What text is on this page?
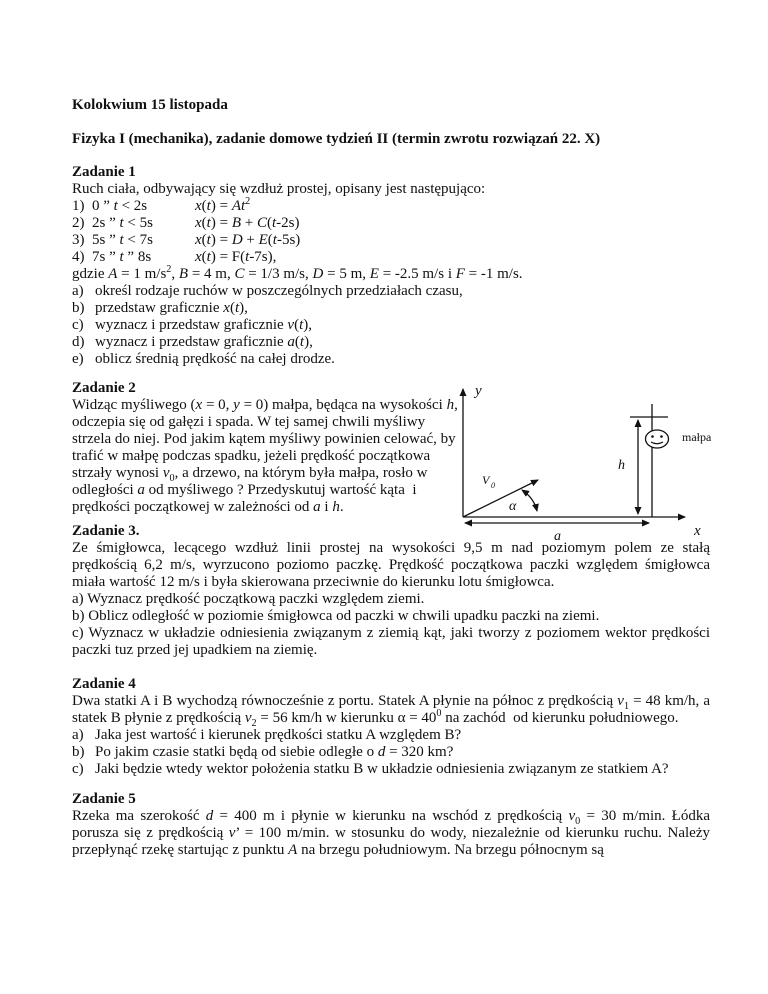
Kolokwium 15 listopada

Fizyka I (mechanika), zadanie domowe tydzień II (termin zwrotu rozwiązań 22. X)

Zadanie 1

Ruch ciała, odbywający się wzdłuż prostej, opisany jest następująco:

1)  0 ” t < 2s	$x(t) = At^2$
2)  2s ” t < 5s	x(t) = B + C(t-2s)
3)  5s ” t < 7s	x(t) = D + E(t-5s)
4)  7s ” t ” 8s	x(t) = F(t-7s),

gdzie A = 1 $m/s^2$, B = 4 m, C = 1/3 m/s, D = 5 m, E = -2.5 m/s i F = -1 m/s.

a) określ rodzaje ruchów w poszczególnych przedziałach czasu,
b) przedstaw graficznie x(t),
c) wyznacz i przedstaw graficznie v(t),
d) wyznacz i przedstaw graficznie a(t),
e) oblicz średnią prędkość na całej drodze.

Zadanie 2

Widząc myśliwego (x = 0, y = 0) małpa, będąca na wysokości h, odczepia się od gałęzi i spada. W tej samej chwili myśliwy strzela do niej. Pod jakim kątem myśliwy powinien celować, by trafić w małpę podczas spadku, jeżeli prędkość początkowa strzały wynosi $v_0$, a drzewo, na którym była małpa, rosło w odległości a od myśliwego ? Przedyskutuj wartość kąta  i prędkości początkowej w zależności od a i h.

y
x
V 0
α
h
małpa
a

Zadanie 3.

Ze śmigłowca, lecącego wzdłuż linii prostej na wysokości 9,5 m nad poziomym polem ze stałą prędkością 6,2 m/s, wyrzucono poziomo paczkę. Prędkość początkowa paczki względem śmigłowca miała wartość 12 m/s i była skierowana przeciwnie do kierunku lotu śmigłowca.

a) Wyznacz prędkość początkową paczki względem ziemi.

b) Oblicz odległość w poziomie śmigłowca od paczki w chwili upadku paczki na ziemi.

c) Wyznacz w układzie odniesienia związanym z ziemią kąt, jaki tworzy z poziomem wektor prędkości paczki tuz przed jej upadkiem na ziemię.

Zadanie 4

Dwa statki A i B wychodzą równocześnie z portu. Statek A płynie na północ z prędkością $v_1 = 48$ km/h, a statek B płynie z prędkością $v_2 = 56$ km/h w kierunku $\alpha = 40^0$ na zachód  od kierunku południowego.

a) Jaka jest wartość i kierunek prędkości statku A względem B?
b) Po jakim czasie statki będą od siebie odległe o d = 320 km?
c) Jaki będzie wtedy wektor położenia statku B w układzie odniesienia związanym ze statkiem A?

Zadanie 5

Rzeka ma szerokość d = 400 m i płynie w kierunku na wschód z prędkością $v_0 = 30$ m/min. Łódka porusza się z prędkością v’ = 100 m/min. w stosunku do wody, niezależnie od kierunku ruchu. Należy przepłynąć rzekę startując z punktu A na brzegu południowym. Na brzegu północnym są
